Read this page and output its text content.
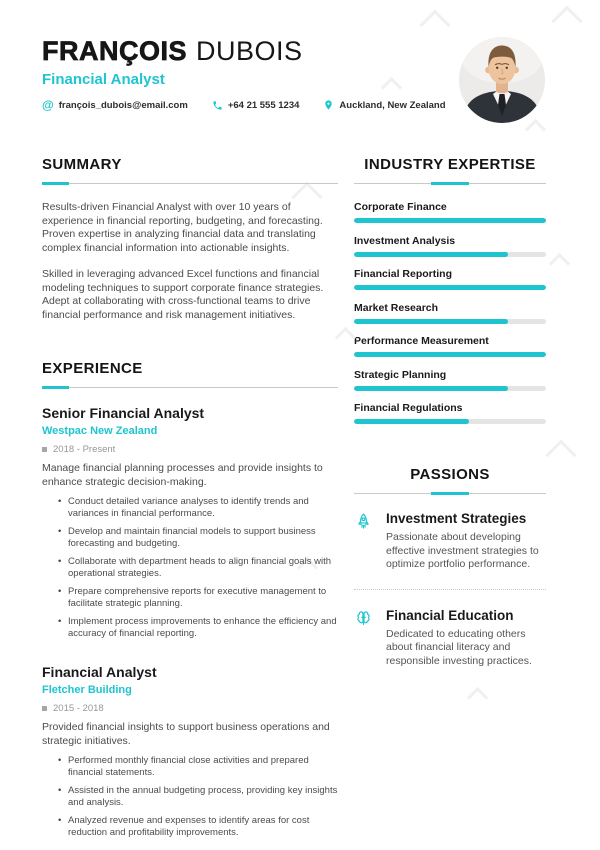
FRANÇOIS DUBOIS
Financial Analyst
@ françois_dubois@email.com	+64 21 555 1234	Auckland, New Zealand
SUMMARY

Results-driven Financial Analyst with over 10 years of experience in financial reporting, budgeting, and forecasting. Proven expertise in analyzing financial data and translating complex financial information into actionable insights.

Skilled in leveraging advanced Excel functions and financial modeling techniques to support corporate finance strategies. Adept at collaborating with cross-functional teams to drive financial performance and risk management initiatives.

EXPERIENCE
Senior Financial Analyst
Westpac New Zealand
2018 - Present
Manage financial planning processes and provide insights to enhance strategic decision-making.
• Conduct detailed variance analyses to identify trends and variances in financial performance.
• Develop and maintain financial models to support business forecasting and budgeting.
• Collaborate with department heads to align financial goals with operational strategies.
• Prepare comprehensive reports for executive management to facilitate strategic planning.
• Implement process improvements to enhance the efficiency and accuracy of financial reporting.
Financial Analyst
Fletcher Building
2015 - 2018
Provided financial insights to support business operations and strategic initiatives.
• Performed monthly financial close activities and prepared financial statements.
• Assisted in the annual budgeting process, providing key insights and analysis.
• Analyzed revenue and expenses to identify areas for cost reduction and profitability improvements.
INDUSTRY EXPERTISE
Corporate Finance
Investment Analysis
Financial Reporting
Market Research
Performance Measurement
Strategic Planning
Financial Regulations
PASSIONS
Investment Strategies
Passionate about developing effective investment strategies to optimize portfolio performance.
Financial Education
Dedicated to educating others about financial literacy and responsible investing practices.
